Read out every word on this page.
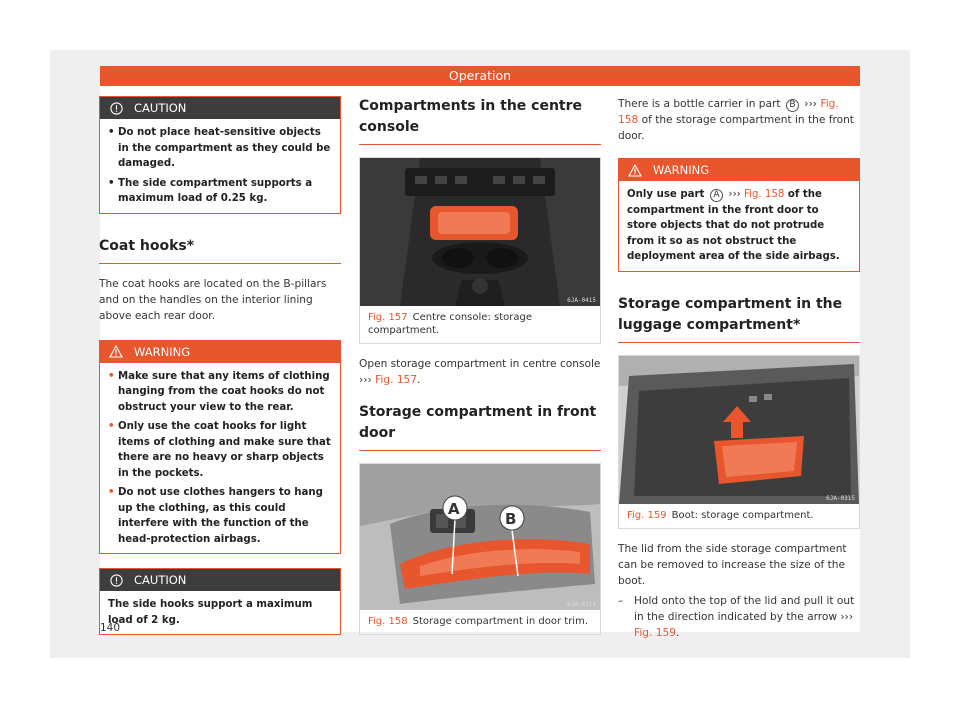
Operation
CAUTION
• Do not place heat-sensitive objects in the compartment as they could be damaged.
• The side compartment supports a maximum load of 0.25 kg.
Coat hooks*

The coat hooks are located on the B-pillars and on the handles on the interior lining above each rear door.

WARNING
• Make sure that any items of clothing hanging from the coat hooks do not obstruct your view to the rear.
• Only use the coat hooks for light items of clothing and make sure that there are no heavy or sharp objects in the pockets.
• Do not use clothes hangers to hang up the clothing, as this could interfere with the function of the head-protection airbags.
CAUTION
The side hooks support a maximum load of 2 kg.
Compartments in the centre console
6JA-0415
Fig. 157 Centre console: storage compartment.

Open storage compartment in centre console ››› Fig. 157.

Storage compartment in front door
A
B
6JA-0311
Fig. 158 Storage compartment in door trim.

There is a bottle carrier in part B ››› Fig. 158 of the storage compartment in the front door.

WARNING
Only use part A ››› Fig. 158 of the compartment in the front door to store objects that do not protrude from it so as not obstruct the deployment area of the side airbags.
Storage compartment in the luggage compartment*
6JA-0315
Fig. 159 Boot: storage compartment.

The lid from the side storage compartment can be removed to increase the size of the boot.

– Hold onto the top of the lid and pull it out in the direction indicated by the arrow ››› Fig. 159.

140
